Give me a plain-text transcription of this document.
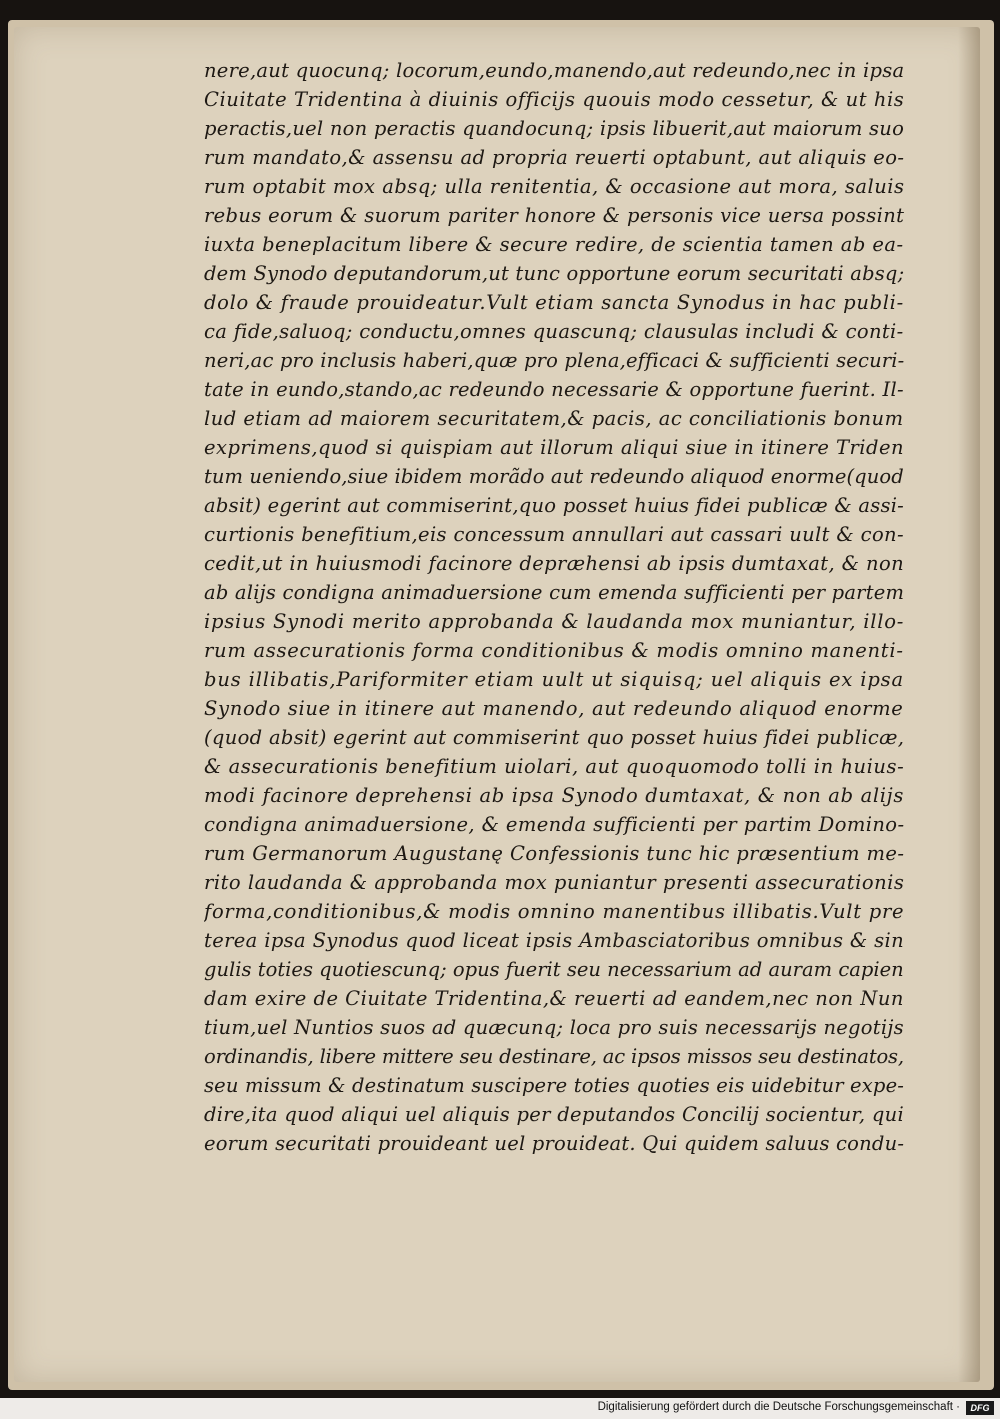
nere,aut quocunq; locorum,eundo,manendo,aut redeundo,nec in ipsa
Ciuitate Tridentina à diuinis officijs quouis modo cessetur, & ut his
peractis,uel non peractis quandocunq; ipsis libuerit,aut maiorum suo
rum mandato,& assensu ad propria reuerti optabunt, aut aliquis eo-
rum optabit mox absq; ulla renitentia, & occasione aut mora, saluis
rebus eorum & suorum pariter honore & personis vice uersa possint
iuxta beneplacitum libere & secure redire, de scientia tamen ab ea-
dem Synodo deputandorum,ut tunc opportune eorum securitati absq;
dolo & fraude prouideatur.Vult etiam sancta Synodus in hac publi-
ca fide,saluoq; conductu,omnes quascunq; clausulas includi & conti-
neri,ac pro inclusis haberi,quæ pro plena,efficaci & sufficienti securi-
tate in eundo,stando,ac redeundo necessarie & opportune fuerint. Il-
lud etiam ad maiorem securitatem,& pacis, ac conciliationis bonum
exprimens,quod si quispiam aut illorum aliqui siue in itinere Triden
tum ueniendo,siue ibidem morãdo aut redeundo aliquod enorme(quod
absit) egerint aut commiserint,quo posset huius fidei publicæ & assi-
curtionis benefitium,eis concessum annullari aut cassari uult & con-
cedit,ut in huiusmodi facinore depræhensi ab ipsis dumtaxat, & non
ab alijs condigna animaduersione cum emenda sufficienti per partem
ipsius Synodi merito approbanda & laudanda mox muniantur, illo-
rum assecurationis forma conditionibus & modis omnino manenti-
bus illibatis,Pariformiter etiam uult ut siquisq; uel aliquis ex ipsa
Synodo siue in itinere aut manendo, aut redeundo aliquod enorme
(quod absit) egerint aut commiserint quo posset huius fidei publicæ,
& assecurationis benefitium uiolari, aut quoquomodo tolli in huius-
modi facinore deprehensi ab ipsa Synodo dumtaxat, & non ab alijs
condigna animaduersione, & emenda sufficienti per partim Domino-
rum Germanorum Augustanę Confessionis tunc hic præsentium me-
rito laudanda & approbanda mox puniantur presenti assecurationis
forma,conditionibus,& modis omnino manentibus illibatis.Vult pre
terea ipsa Synodus quod liceat ipsis Ambasciatoribus omnibus & sin
gulis toties quotiescunq; opus fuerit seu necessarium ad auram capien
dam exire de Ciuitate Tridentina,& reuerti ad eandem,nec non Nun
tium,uel Nuntios suos ad quæcunq; loca pro suis necessarijs negotijs
ordinandis, libere mittere seu destinare, ac ipsos missos seu destinatos,
seu missum & destinatum suscipere toties quoties eis uidebitur expe-
dire,ita quod aliqui uel aliquis per deputandos Concilij socientur, qui
eorum securitati prouideant uel prouideat. Qui quidem saluus condu-
Digitalisierung gefördert durch die Deutsche Forschungsgemeinschaft ·	DFG
